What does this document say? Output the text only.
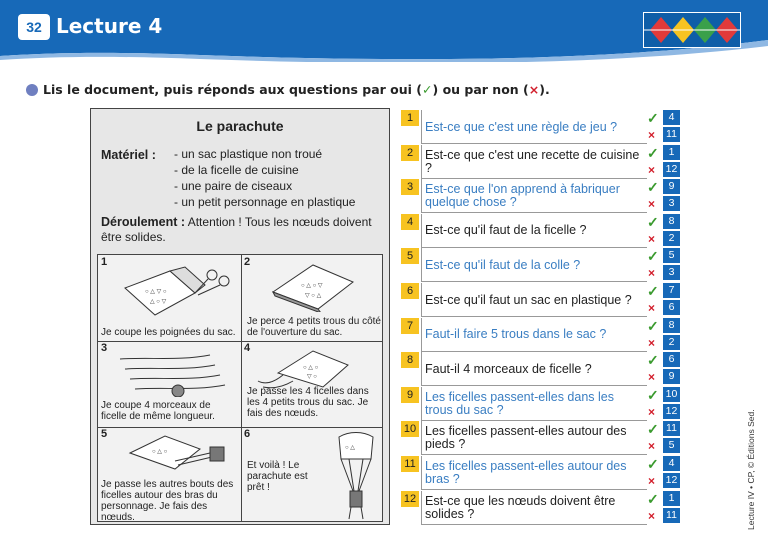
32 Lecture 4
Lis le document, puis réponds aux questions par oui (✓) ou par non (×).
Le parachute
Matériel : - un sac plastique non troué
- de la ficelle de cuisine
- une paire de ciseaux
- un petit personnage en plastique
Déroulement : Attention ! Tous les nœuds doivent être solides.
1
○ △ ▽ ○
△ ○ ▽
Je coupe les poignées du sac.
2
○ △ ○ ▽
▽ ○ △
Je perce 4 petits trous du côté de l'ouverture du sac.
3
Je coupe 4 morceaux de ficelle de même longueur.
4
○ △ ○
▽ ○
Je passe les 4 ficelles dans les 4 petits trous du sac. Je fais des nœuds.
5
○ △ ○
Je passe les autres bouts des ficelles autour des bras du personnage. Je fais des nœuds.
6
○ △
Et voilà ! Le parachute est prêt !
1
Est-ce que c'est une règle de jeu ?
✓ 4
×	11
2 Est-ce que c'est une recette de cuisine ?
✓ 1
×	12
3 Est-ce que l'on apprend à fabriquer quelque chose ?
✓ 9
×	3
4
Est-ce qu'il faut de la ficelle ?
✓ 8
×	2
5
Est-ce qu'il faut de la colle ?
✓ 5
×	3
6
Est-ce qu'il faut un sac en plastique ?
✓ 7
×	6
7
Faut-il faire 5 trous dans le sac ?
✓ 8
×	2
8
Faut-il 4 morceaux de ficelle ?
✓ 6
×	9
9 Les ficelles passent-elles dans les trous du sac ?
✓ 10
×	12
10 Les ficelles passent-elles autour des pieds ?
✓ 11
×	5
11 Les ficelles passent-elles autour des bras ?
✓ 4
×	12
12 Est-ce que les nœuds doivent être solides ?
✓ 1
×	11	Lecture IV • CP, © Éditions Sed.
